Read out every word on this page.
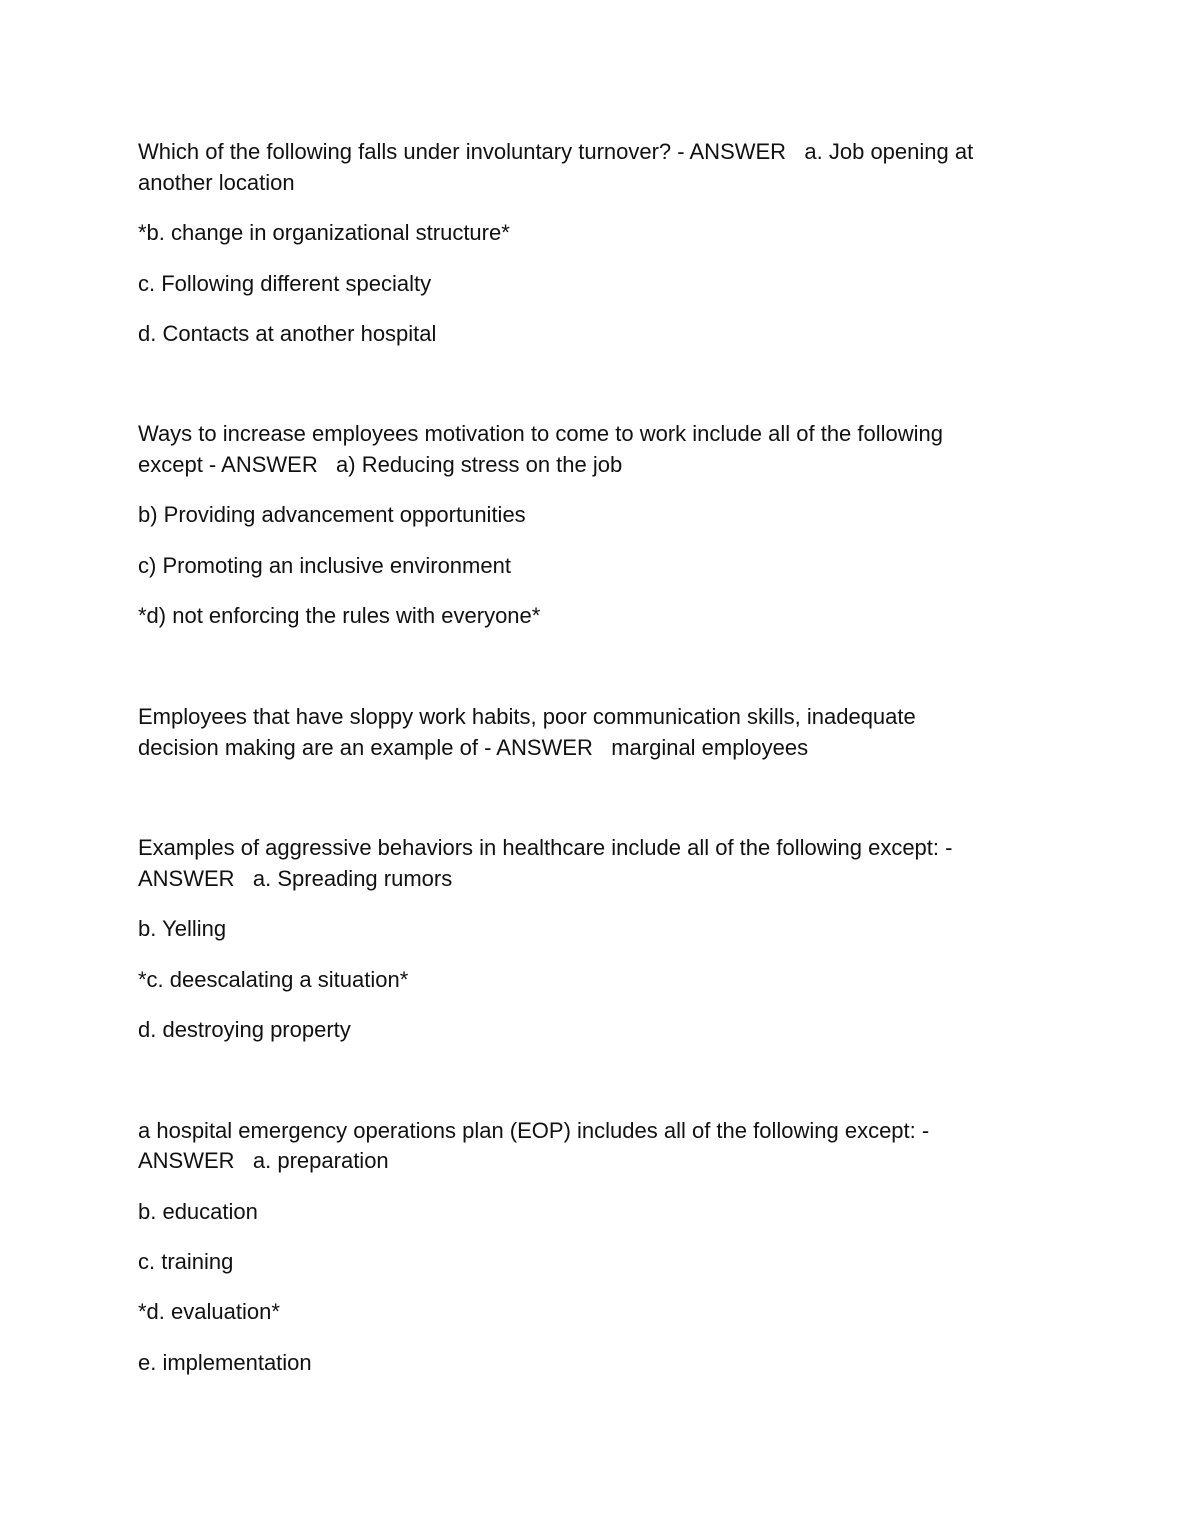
Which of the following falls under involuntary turnover? - ANSWER   a. Job opening at

another location

*b. change in organizational structure*

c. Following different specialty

d. Contacts at another hospital

Ways to increase employees motivation to come to work include all of the following

except - ANSWER   a) Reducing stress on the job

b) Providing advancement opportunities

c) Promoting an inclusive environment

*d) not enforcing the rules with everyone*

Employees that have sloppy work habits, poor communication skills, inadequate

decision making are an example of - ANSWER   marginal employees

Examples of aggressive behaviors in healthcare include all of the following except: -

ANSWER   a. Spreading rumors

b. Yelling

*c. deescalating a situation*

d. destroying property

a hospital emergency operations plan (EOP) includes all of the following except: -

ANSWER   a. preparation

b. education

c. training

*d. evaluation*

e. implementation
